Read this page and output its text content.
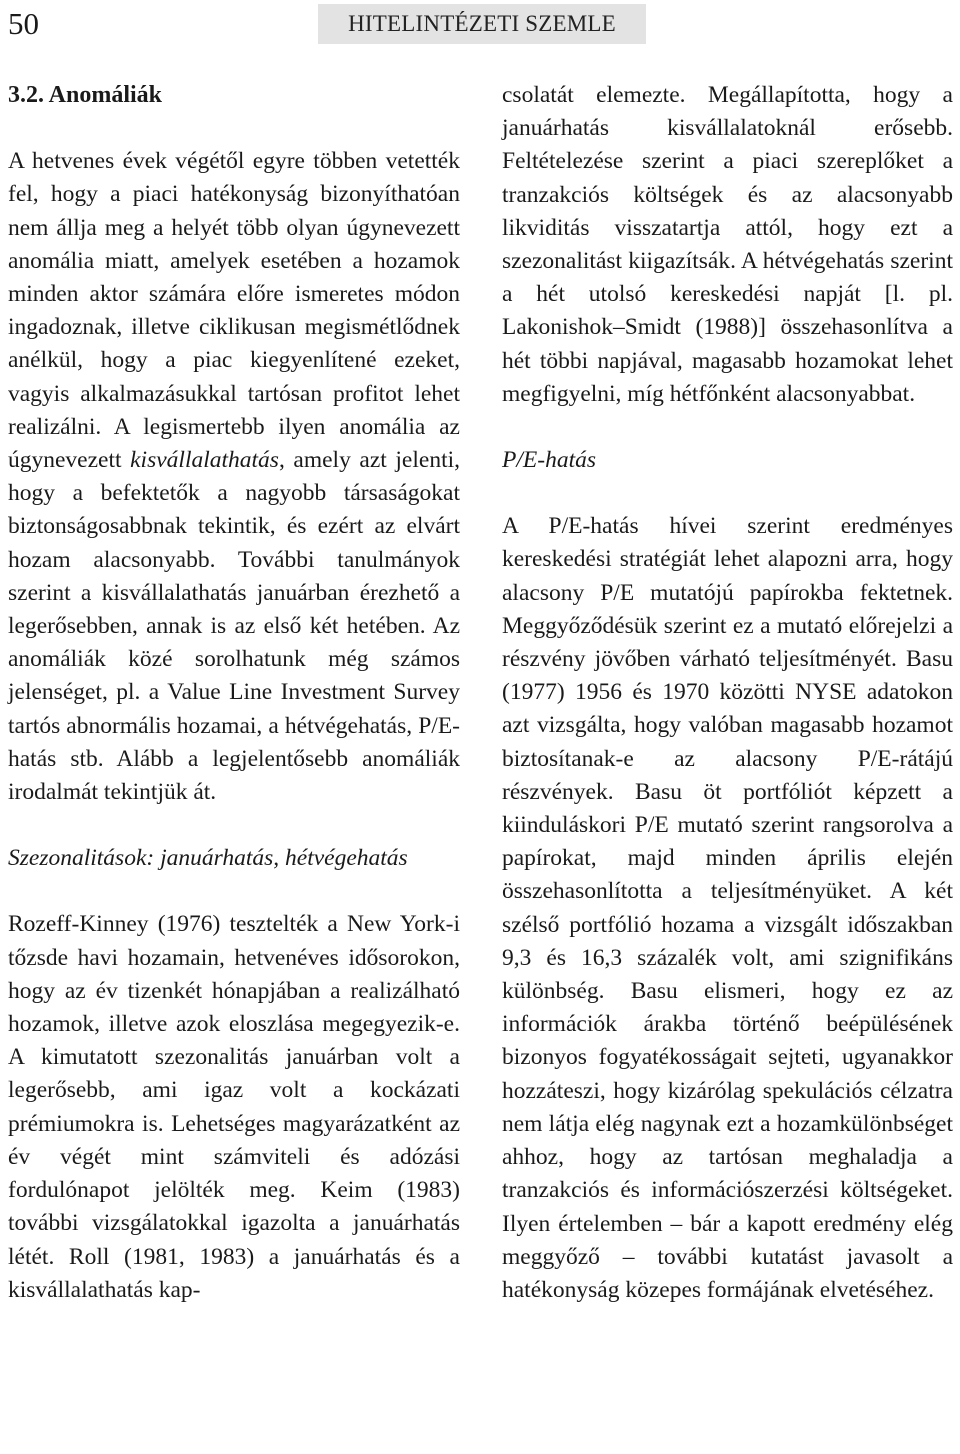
50	HITELINTÉZETI SZEMLE
3.2. Anomáliák

A hetvenes évek végétől egyre többen vetették fel, hogy a piaci hatékonyság bizonyíthatóan nem állja meg a helyét több olyan úgynevezett anomália miatt, amelyek esetében a hozamok minden aktor számára előre ismeretes módon ingadoznak, illetve ciklikusan megismétlődnek anélkül, hogy a piac kiegyenlítené ezeket, vagyis alkalmazásukkal tartósan profitot lehet realizálni. A legismertebb ilyen anomália az úgynevezett kisvállalathatás, amely azt jelenti, hogy a befektetők a nagyobb társaságokat biztonságosabbnak tekintik, és ezért az elvárt hozam alacsonyabb. További tanulmányok szerint a kisvállalathatás januárban érezhető a legerősebben, annak is az első két hetében. Az anomáliák közé sorolhatunk még számos jelenséget, pl. a Value Line Investment Survey tartós abnormális hozamai, a hétvégehatás, P/E-hatás stb. Alább a legjelentősebb anomáliák irodalmát tekintjük át.

Szezonalitások: januárhatás, hétvégehatás

Rozeff-Kinney (1976) tesztelték a New York-i tőzsde havi hozamain, hetvenéves idősorokon, hogy az év tizenkét hónapjában a realizálható hozamok, illetve azok eloszlása megegyezik-e. A kimutatott szezonalitás januárban volt a legerősebb, ami igaz volt a kockázati prémiumokra is. Lehetséges magyarázatként az év végét mint számviteli és adózási fordulónapot jelölték meg. Keim (1983) további vizsgálatokkal igazolta a januárhatás létét. Roll (1981, 1983) a januárhatás és a kisvállalathatás kap-

csolatát elemezte. Megállapította, hogy a januárhatás kisvállalatoknál erősebb. Feltételezése szerint a piaci szereplőket a tranzakciós költségek és az alacsonyabb likviditás visszatartja attól, hogy ezt a szezonalitást kiigazítsák. A hétvégehatás szerint a hét utolsó kereskedési napját [l. pl. Lakonishok–Smidt (1988)] összehasonlítva a hét többi napjával, magasabb hozamokat lehet megfigyelni, míg hétfőnként alacsonyabbat.

P/E-hatás

A P/E-hatás hívei szerint eredményes kereskedési stratégiát lehet alapozni arra, hogy alacsony P/E mutatójú papírokba fektetnek. Meggyőződésük szerint ez a mutató előrejelzi a részvény jövőben várható teljesítményét. Basu (1977) 1956 és 1970 közötti NYSE adatokon azt vizsgálta, hogy valóban magasabb hozamot biztosítanak-e az alacsony P/E-rátájú részvények. Basu öt portfóliót képzett a kiinduláskori P/E mutató szerint rangsorolva a papírokat, majd minden április elején összehasonlította a teljesítményüket. A két szélső portfólió hozama a vizsgált időszakban 9,3 és 16,3 százalék volt, ami szignifikáns különbség. Basu elismeri, hogy ez az információk árakba történő beépülésének bizonyos fogyatékosságait sejteti, ugyanakkor hozzáteszi, hogy kizárólag spekulációs célzatra nem látja elég nagynak ezt a hozamkülönbséget ahhoz, hogy az tartósan meghaladja a tranzakciós és információszerzési költségeket. Ilyen értelemben – bár a kapott eredmény elég meggyőző – további kutatást javasolt a hatékonyság közepes formájának elvetéséhez.
